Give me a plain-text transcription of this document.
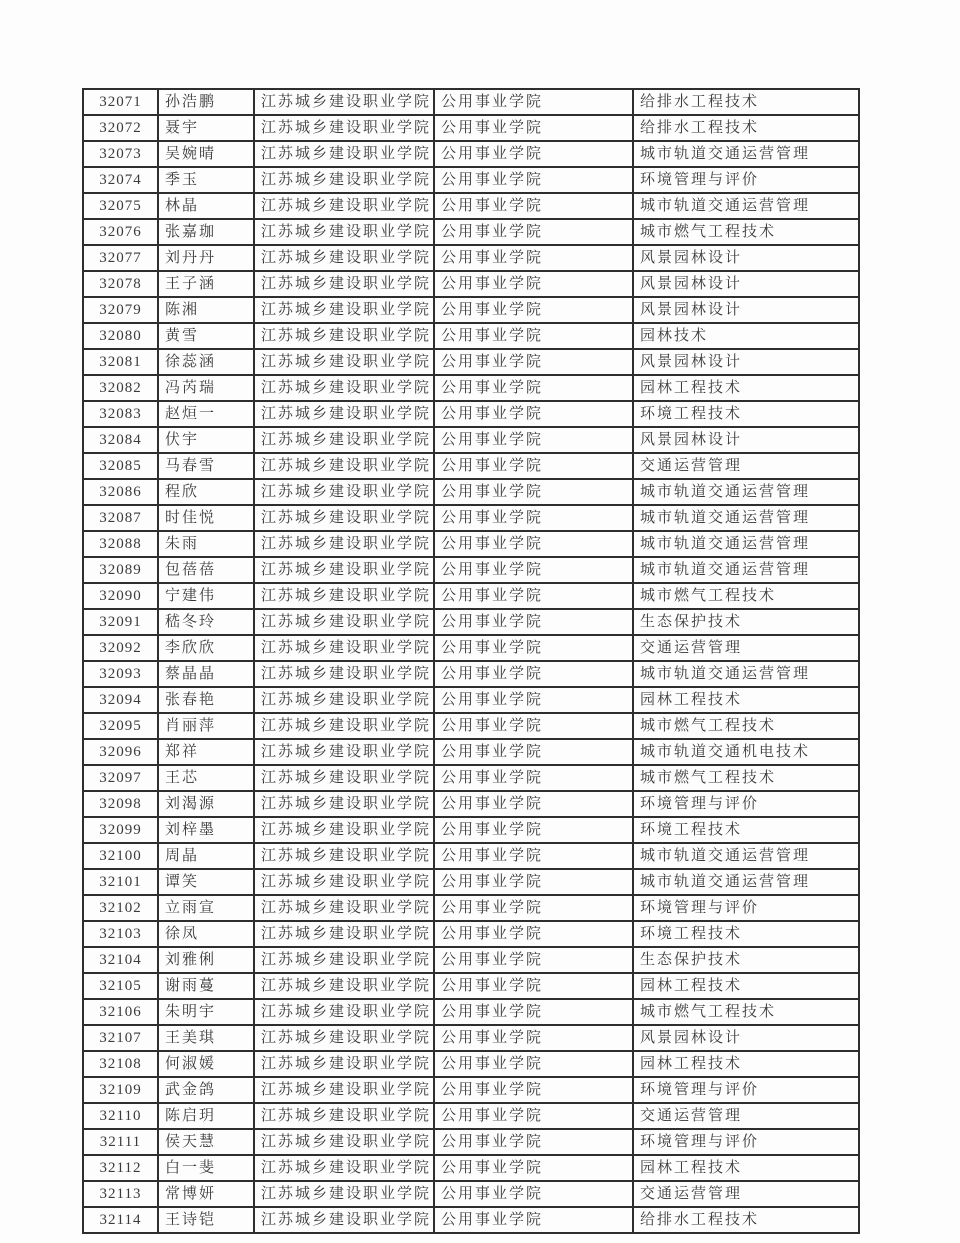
32071	孙浩鹏	江苏城乡建设职业学院	公用事业学院	给排水工程技术
32072	聂宇	江苏城乡建设职业学院	公用事业学院	给排水工程技术
32073	吴婉晴	江苏城乡建设职业学院	公用事业学院	城市轨道交通运营管理
32074	季玉	江苏城乡建设职业学院	公用事业学院	环境管理与评价
32075	林晶	江苏城乡建设职业学院	公用事业学院	城市轨道交通运营管理
32076	张嘉珈	江苏城乡建设职业学院	公用事业学院	城市燃气工程技术
32077	刘丹丹	江苏城乡建设职业学院	公用事业学院	风景园林设计
32078	王子涵	江苏城乡建设职业学院	公用事业学院	风景园林设计
32079	陈湘	江苏城乡建设职业学院	公用事业学院	风景园林设计
32080	黄雪	江苏城乡建设职业学院	公用事业学院	园林技术
32081	徐蕊涵	江苏城乡建设职业学院	公用事业学院	风景园林设计
32082	冯芮瑞	江苏城乡建设职业学院	公用事业学院	园林工程技术
32083	赵烜一	江苏城乡建设职业学院	公用事业学院	环境工程技术
32084	伏宇	江苏城乡建设职业学院	公用事业学院	风景园林设计
32085	马春雪	江苏城乡建设职业学院	公用事业学院	交通运营管理
32086	程欣	江苏城乡建设职业学院	公用事业学院	城市轨道交通运营管理
32087	时佳悦	江苏城乡建设职业学院	公用事业学院	城市轨道交通运营管理
32088	朱雨	江苏城乡建设职业学院	公用事业学院	城市轨道交通运营管理
32089	包蓓蓓	江苏城乡建设职业学院	公用事业学院	城市轨道交通运营管理
32090	宁建伟	江苏城乡建设职业学院	公用事业学院	城市燃气工程技术
32091	嵇冬玲	江苏城乡建设职业学院	公用事业学院	生态保护技术
32092	李欣欣	江苏城乡建设职业学院	公用事业学院	交通运营管理
32093	蔡晶晶	江苏城乡建设职业学院	公用事业学院	城市轨道交通运营管理
32094	张春艳	江苏城乡建设职业学院	公用事业学院	园林工程技术
32095	肖丽萍	江苏城乡建设职业学院	公用事业学院	城市燃气工程技术
32096	郑祥	江苏城乡建设职业学院	公用事业学院	城市轨道交通机电技术
32097	王芯	江苏城乡建设职业学院	公用事业学院	城市燃气工程技术
32098	刘渴源	江苏城乡建设职业学院	公用事业学院	环境管理与评价
32099	刘梓墨	江苏城乡建设职业学院	公用事业学院	环境工程技术
32100	周晶	江苏城乡建设职业学院	公用事业学院	城市轨道交通运营管理
32101	谭笑	江苏城乡建设职业学院	公用事业学院	城市轨道交通运营管理
32102	立雨宣	江苏城乡建设职业学院	公用事业学院	环境管理与评价
32103	徐凤	江苏城乡建设职业学院	公用事业学院	环境工程技术
32104	刘雅俐	江苏城乡建设职业学院	公用事业学院	生态保护技术
32105	谢雨蔓	江苏城乡建设职业学院	公用事业学院	园林工程技术
32106	朱明宇	江苏城乡建设职业学院	公用事业学院	城市燃气工程技术
32107	王美琪	江苏城乡建设职业学院	公用事业学院	风景园林设计
32108	何淑媛	江苏城乡建设职业学院	公用事业学院	园林工程技术
32109	武金鸽	江苏城乡建设职业学院	公用事业学院	环境管理与评价
32110	陈启玥	江苏城乡建设职业学院	公用事业学院	交通运营管理
32111	侯天慧	江苏城乡建设职业学院	公用事业学院	环境管理与评价
32112	白一斐	江苏城乡建设职业学院	公用事业学院	园林工程技术
32113	常博妍	江苏城乡建设职业学院	公用事业学院	交通运营管理
32114	王诗铠	江苏城乡建设职业学院	公用事业学院	给排水工程技术
